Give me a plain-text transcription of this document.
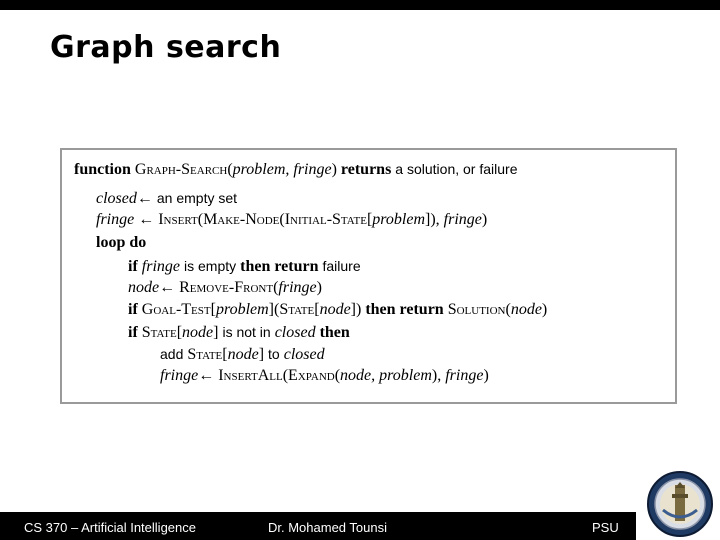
Graph search
function Graph-Search(problem, fringe) returns a solution, or failure
closed← an empty set
fringe ← Insert(Make-Node(Initial-State[problem]), fringe)
loop do
if fringe is empty then return failure
node← Remove-Front(fringe)
if Goal-Test[problem](State[node]) then return Solution(node)
if State[node] is not in closed then
add State[node] to closed
fringe← InsertAll(Expand(node, problem), fringe)
CS 370 – Artificial Intelligence	Dr. Mohamed Tounsi	PSU
